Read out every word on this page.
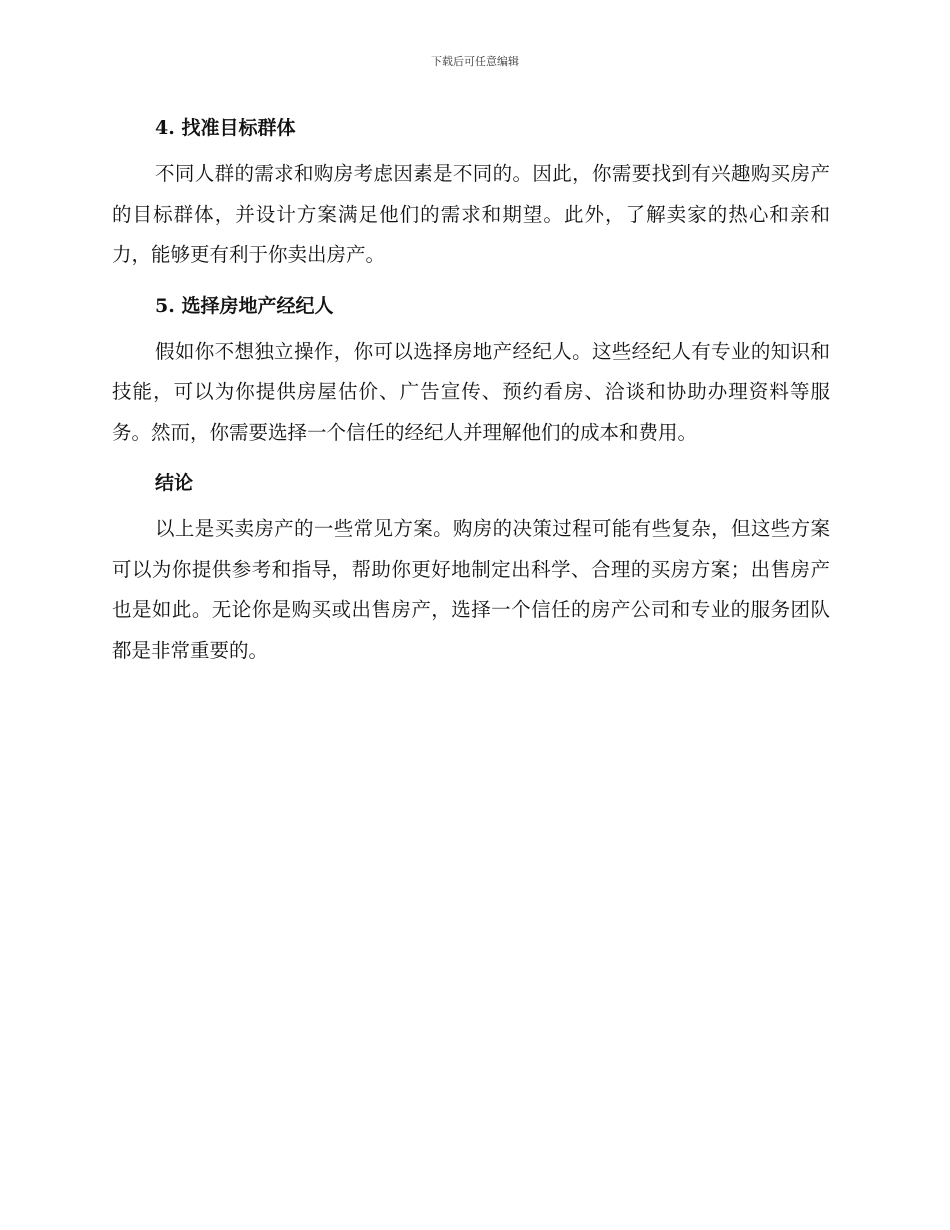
下载后可任意编辑
4. 找准目标群体

不同人群的需求和购房考虑因素是不同的。因此，你需要找到有兴趣购买房产的目标群体，并设计方案满足他们的需求和期望。此外，了解卖家的热心和亲和力，能够更有利于你卖出房产。

5. 选择房地产经纪人

假如你不想独立操作，你可以选择房地产经纪人。这些经纪人有专业的知识和技能，可以为你提供房屋估价、广告宣传、预约看房、洽谈和协助办理资料等服务。然而，你需要选择一个信任的经纪人并理解他们的成本和费用。

结论

以上是买卖房产的一些常见方案。购房的决策过程可能有些复杂，但这些方案可以为你提供参考和指导，帮助你更好地制定出科学、合理的买房方案；出售房产也是如此。无论你是购买或出售房产，选择一个信任的房产公司和专业的服务团队都是非常重要的。
